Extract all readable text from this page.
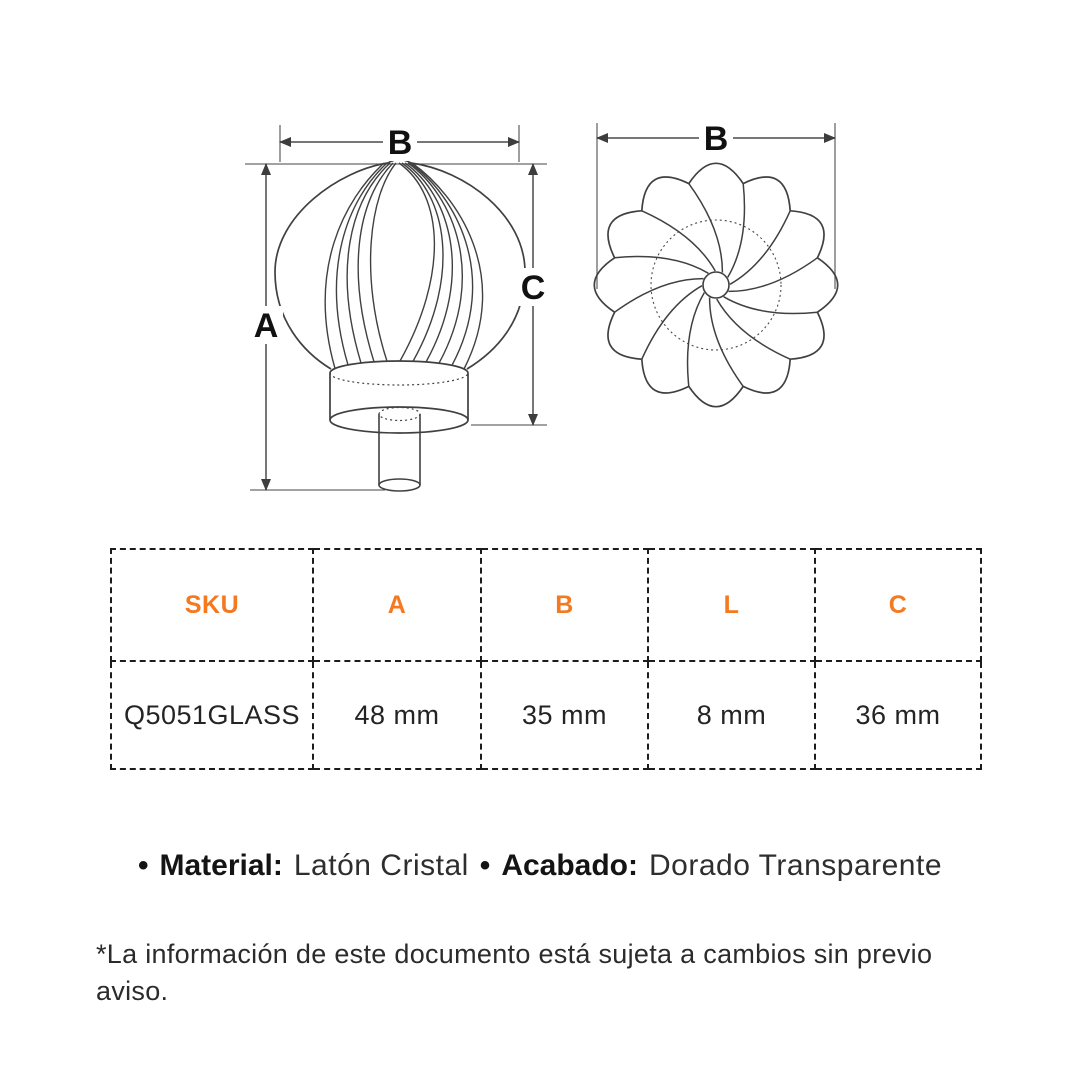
B
A
C
B
SKU	A	B	L	C
Q5051GLASS	48 mm	35 mm	8 mm	36 mm
• Material: Latón Cristal • Acabado: Dorado Transparente
*La información de este documento está sujeta a cambios sin previo aviso.
